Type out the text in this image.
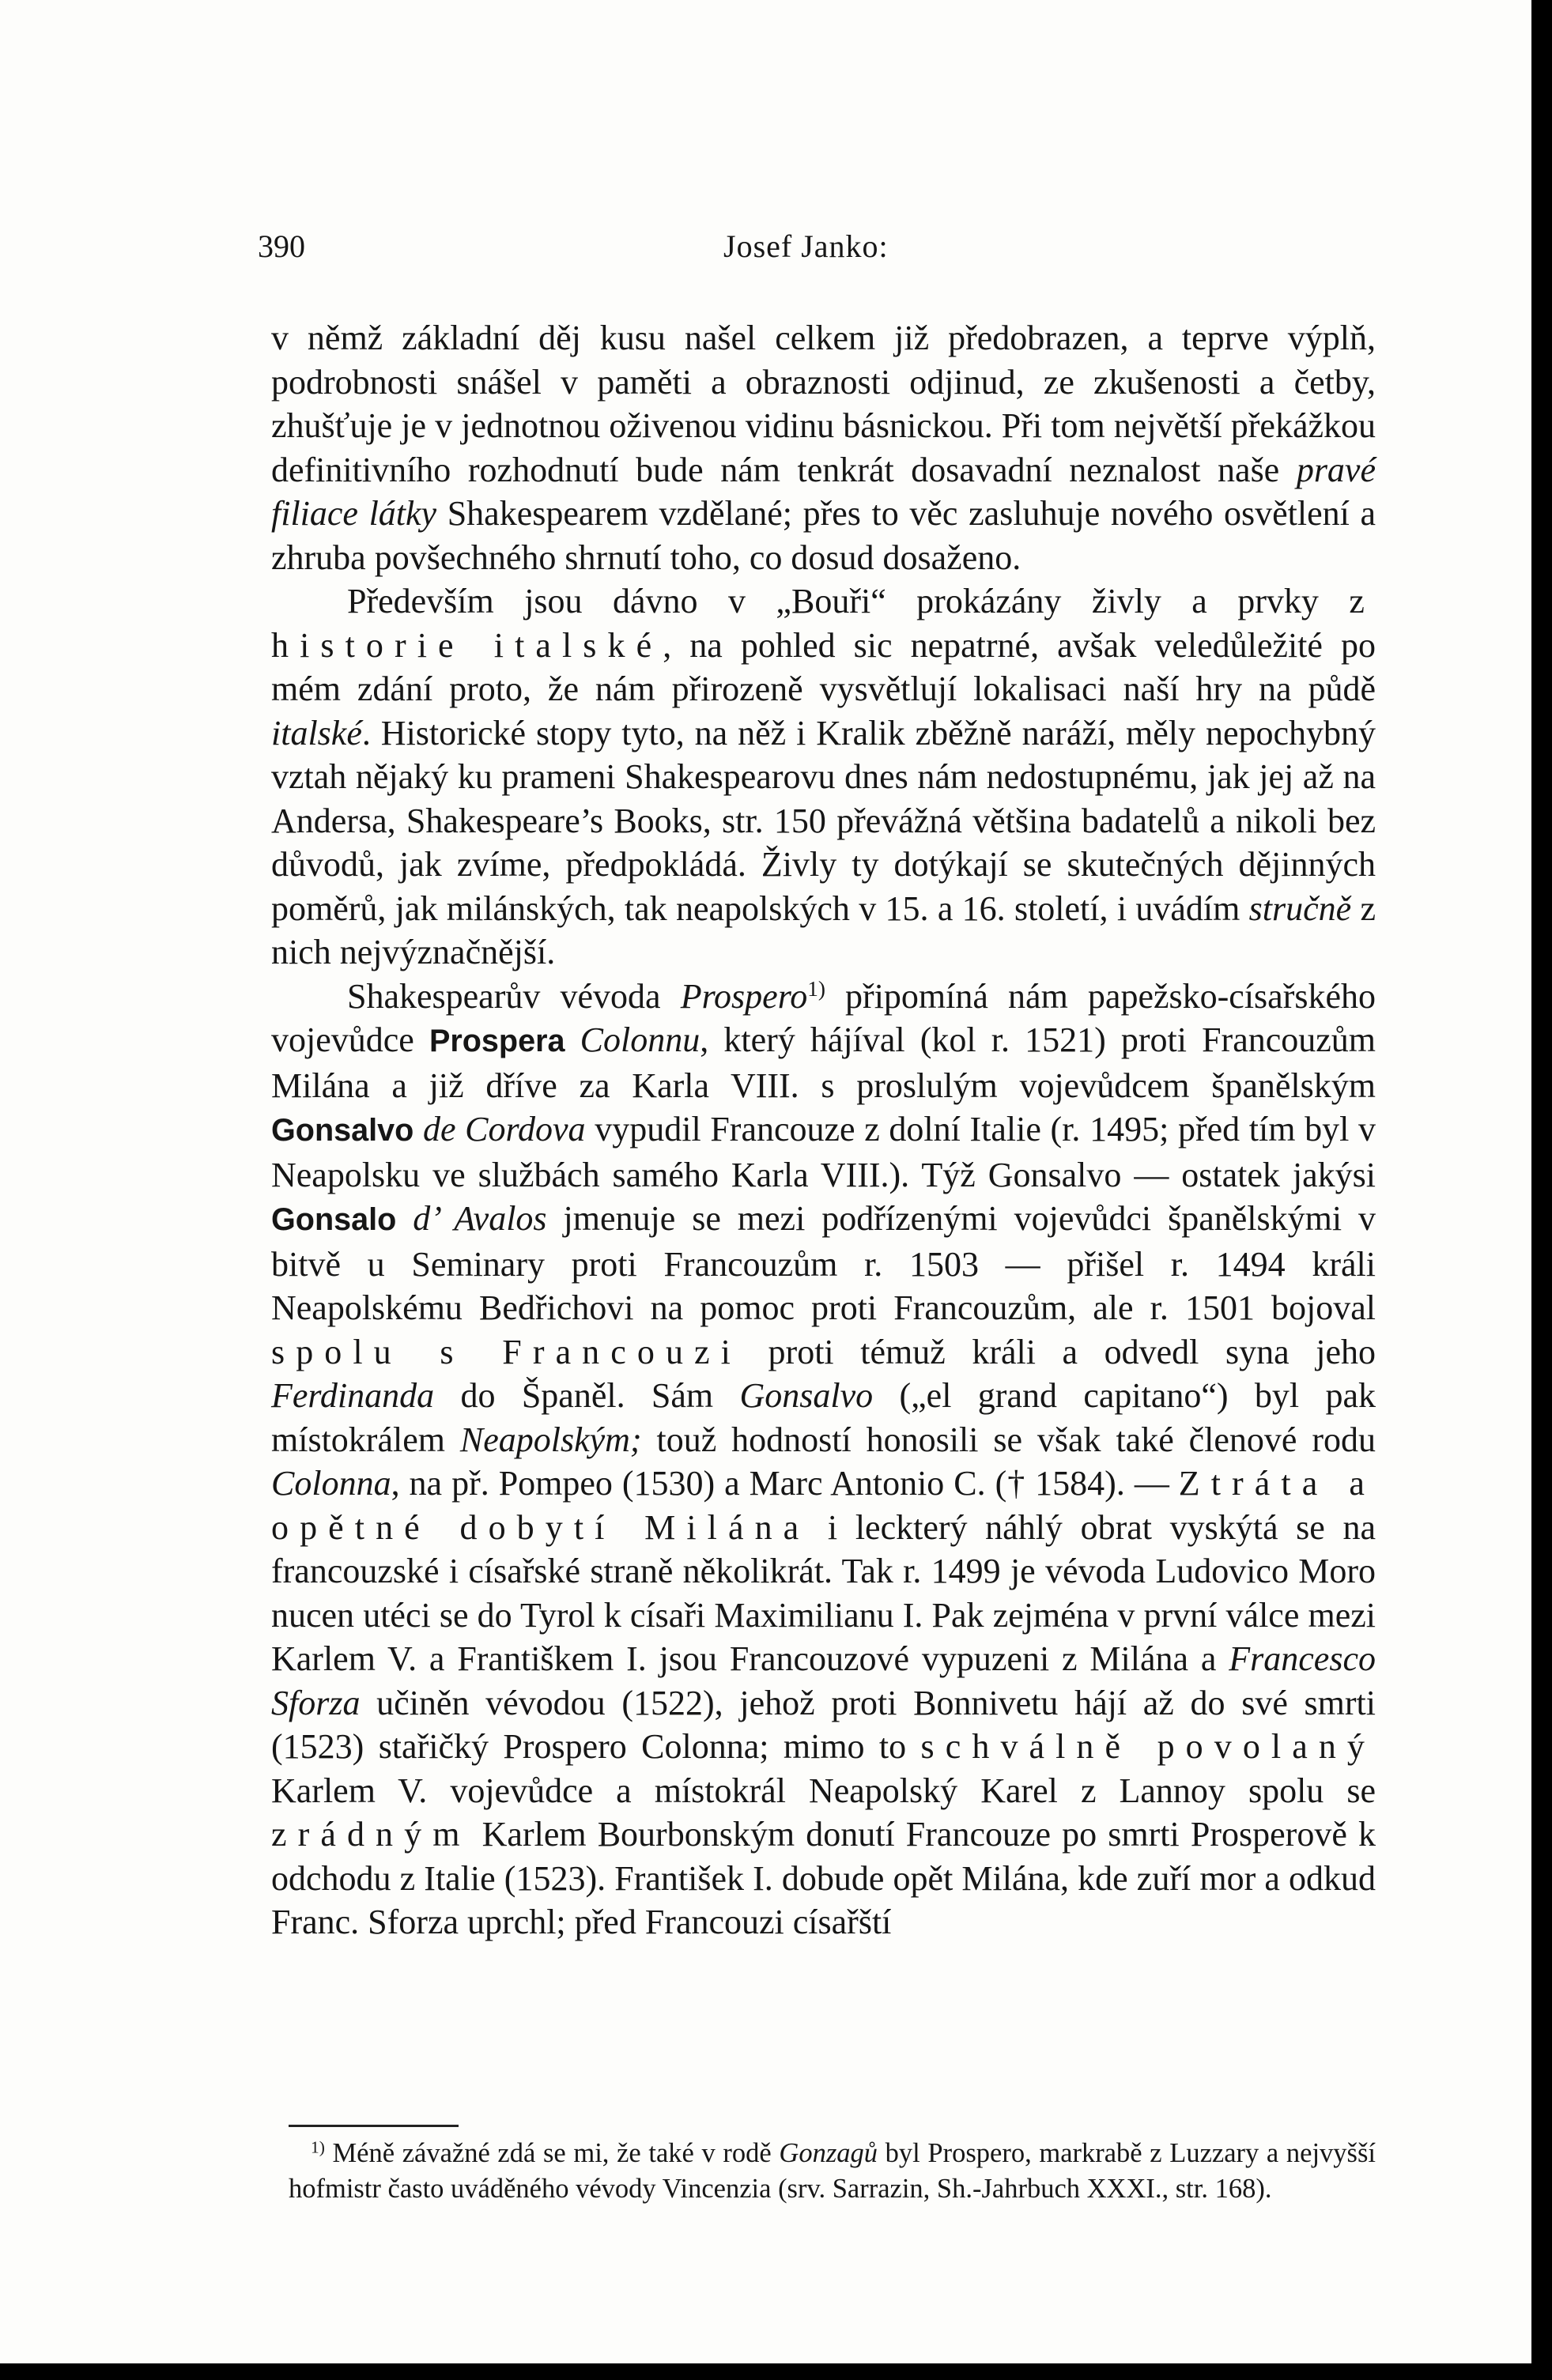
390	Josef Janko:

v němž základní děj kusu našel celkem již předobrazen, a teprve výplň, podrobnosti snášel v paměti a obraznosti odjinud, ze zkušenosti a četby, zhušťuje je v jednotnou oživenou vidinu básnickou. Při tom největší překážkou definitivního rozhodnutí bude nám tenkrát dosavadní neznalost naše pravé filiace látky Shakespearem vzdělané; přes to věc zasluhuje nového osvětlení a zhruba povšechného shrnutí toho, co dosud dosaženo.

Především jsou dávno v „Bouři“ prokázány živly a prvky z historie italské, na pohled sic nepatrné, avšak veledůležité po mém zdání proto, že nám přirozeně vysvětlují lokalisaci naší hry na půdě italské. Historické stopy tyto, na něž i Kralik zběžně naráží, měly nepochybný vztah nějaký ku prameni Shakespearovu dnes nám nedostupnému, jak jej až na Andersa, Shakespeare’s Books, str. 150 převážná většina badatelů a nikoli bez důvodů, jak zvíme, předpokládá. Živly ty dotýkají se skutečných dějinných poměrů, jak milánských, tak neapolských v 15. a 16. století, i uvádím stručně z nich nejvýznačnější.

Shakespearův vévoda Prospero$^{1)}$ připomíná nám papežsko-císařského vojevůdce Prospera Colonnu, který hájíval (kol r. 1521) proti Francouzům Milána a již dříve za Karla VIII. s proslulým vojevůdcem španělským Gonsalvo de Cordova vypudil Francouze z dolní Italie (r. 1495; před tím byl v Neapolsku ve službách samého Karla VIII.). Týž Gonsalvo — ostatek jakýsi Gonsalo d’ Avalos jmenuje se mezi podřízenými vojevůdci španělskými v bitvě u Seminary proti Francouzům r. 1503 — přišel r. 1494 králi Neapolskému Bedřichovi na pomoc proti Francouzům, ale r. 1501 bojoval spolu s Francouzi proti témuž králi a odvedl syna jeho Ferdinanda do Španěl. Sám Gonsalvo („el grand capitano“) byl pak místokrálem Neapolským; touž hodností honosili se však také členové rodu Colonna, na př. Pompeo (1530) a Marc Antonio C. († 1584). — Ztráta a opětné dobytí Milána i leckterý náhlý obrat vyskýtá se na francouzské i císařské straně několikrát. Tak r. 1499 je vévoda Ludovico Moro nucen utéci se do Tyrol k císaři Maximilianu I. Pak zejména v první válce mezi Karlem V. a Františkem I. jsou Francouzové vypuzeni z Milána a Francesco Sforza učiněn vévodou (1522), jehož proti Bonnivetu hájí až do své smrti (1523) stařičký Prospero Colonna; mimo to schválně povolaný Karlem V. vojevůdce a místokrál Neapolský Karel z Lannoy spolu se zrádným Karlem Bourbonským donutí Francouze po smrti Prosperově k odchodu z Italie (1523). František I. dobude opět Milána, kde zuří mor a odkud Franc. Sforza uprchl; před Francouzi císařští

$^{1)}$ Méně závažné zdá se mi, že také v rodě Gonzagů byl Prospero, markrabě z Luzzary a nejvyšší hofmistr často uváděného vévody Vincenzia (srv. Sarrazin, Sh.-Jahrbuch XXXI., str. 168).
